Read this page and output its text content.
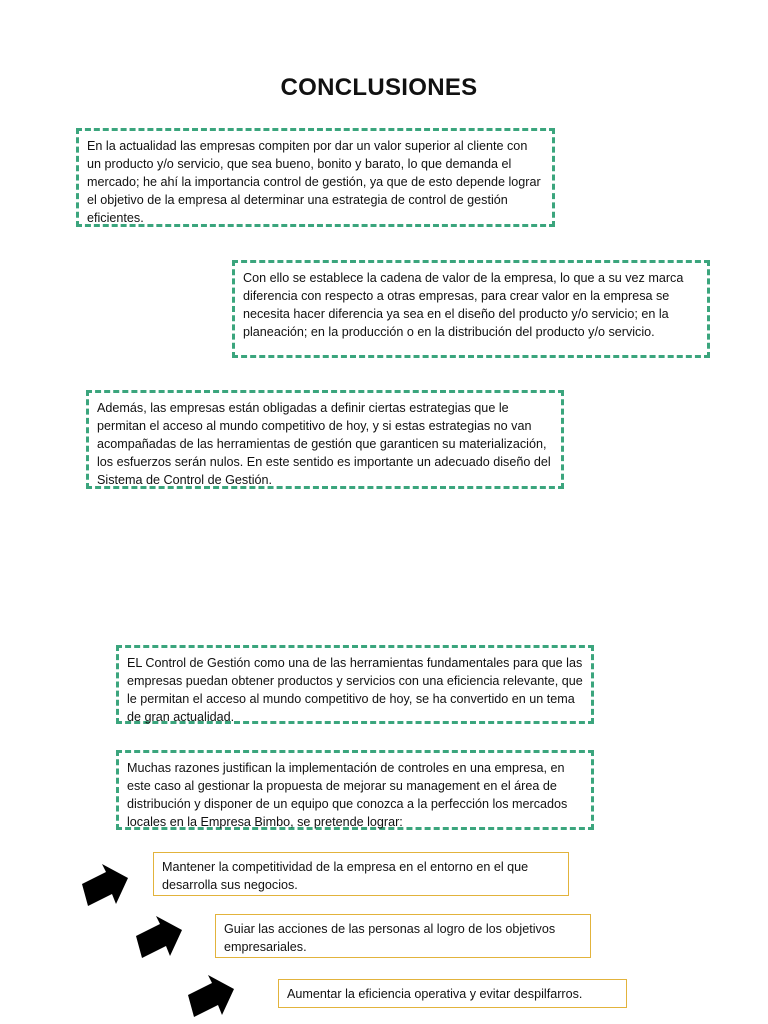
CONCLUSIONES
En la actualidad las empresas compiten por dar un valor superior al cliente con un producto y/o servicio, que sea bueno, bonito y barato, lo que demanda el mercado; he ahí la importancia control de gestión, ya que de esto depende lograr el objetivo de la empresa al determinar una estrategia de control de gestión eficientes.
Con ello se establece la cadena de valor de la empresa, lo que a su vez marca diferencia con respecto a otras empresas, para crear valor en la empresa se necesita hacer diferencia ya sea en el diseño del producto y/o servicio; en la planeación; en la producción o en la distribución del producto y/o servicio.
Además, las empresas están obligadas a definir ciertas estrategias que le permitan el acceso al mundo competitivo de hoy, y si estas estrategias no van acompañadas de las herramientas de gestión que garanticen su materialización, los esfuerzos serán nulos. En este sentido es importante un adecuado diseño del Sistema de Control de Gestión.
EL Control de Gestión como una de las herramientas fundamentales para que las empresas puedan obtener productos y servicios con una eficiencia relevante, que le permitan el acceso al mundo competitivo de hoy, se ha convertido en un tema de gran actualidad.
Muchas razones justifican la implementación de controles en una empresa, en este caso al gestionar la propuesta de mejorar su management en el área de distribución y disponer de un equipo que conozca a la perfección los mercados locales en la Empresa Bimbo, se pretende lograr:
Mantener la competitividad de la empresa en el entorno en el que desarrolla sus negocios.
Guiar las acciones de las personas al logro de los objetivos empresariales.
Aumentar la eficiencia operativa y evitar despilfarros.
